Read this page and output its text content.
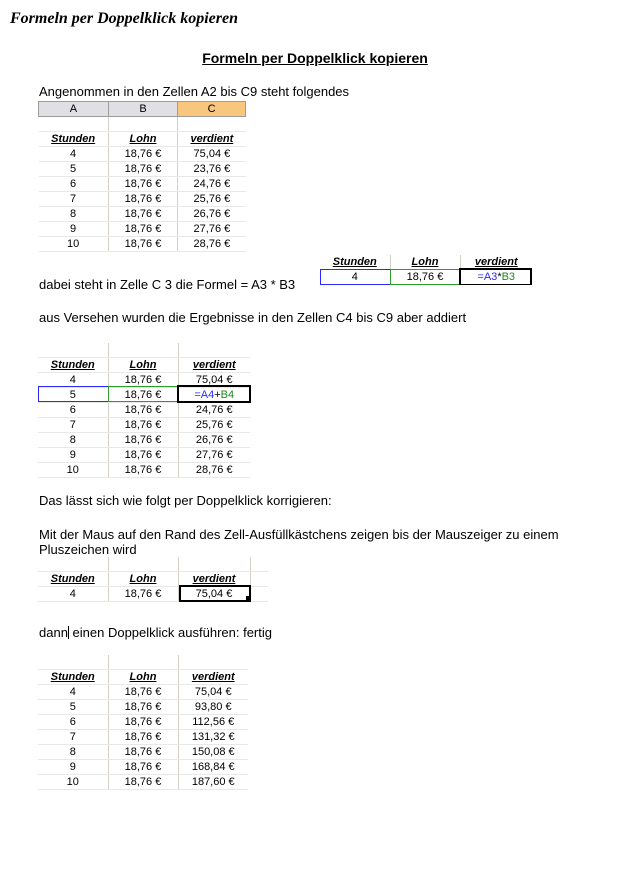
Formeln per Doppelklick kopieren
Formeln per Doppelklick kopieren
Angenommen in den Zellen A2 bis C9 steht folgendes
A	B	C

Stunden	Lohn	verdient
4	18,76 €	75,04 €
5	18,76 €	23,76 €
6	18,76 €	24,76 €
7	18,76 €	25,76 €
8	18,76 €	26,76 €
9	18,76 €	27,76 €
10	18,76 €	28,76 €
Stunden	Lohn	verdient
4	18,76 €	=A3*B3
dabei steht in Zelle C 3 die Formel = A3 * B3
aus Versehen wurden die Ergebnisse in den Zellen C4 bis C9 aber addiert

Stunden	Lohn	verdient
4	18,76 €	75,04 €
5	18,76 €	=A4+B4
6	18,76 €	24,76 €
7	18,76 €	25,76 €
8	18,76 €	26,76 €
9	18,76 €	27,76 €
10	18,76 €	28,76 €
Das lässt sich wie folgt per Doppelklick korrigieren:
Mit der Maus auf den Rand des Zell-Ausfüllkästchens zeigen bis der Mauszeiger zu einem Pluszeichen wird

Stunden	Lohn	verdient	
4	18,76 €	75,04 €	
dann einen Doppelklick ausführen: fertig

Stunden	Lohn	verdient
4	18,76 €	75,04 €
5	18,76 €	93,80 €
6	18,76 €	112,56 €
7	18,76 €	131,32 €
8	18,76 €	150,08 €
9	18,76 €	168,84 €
10	18,76 €	187,60 €
